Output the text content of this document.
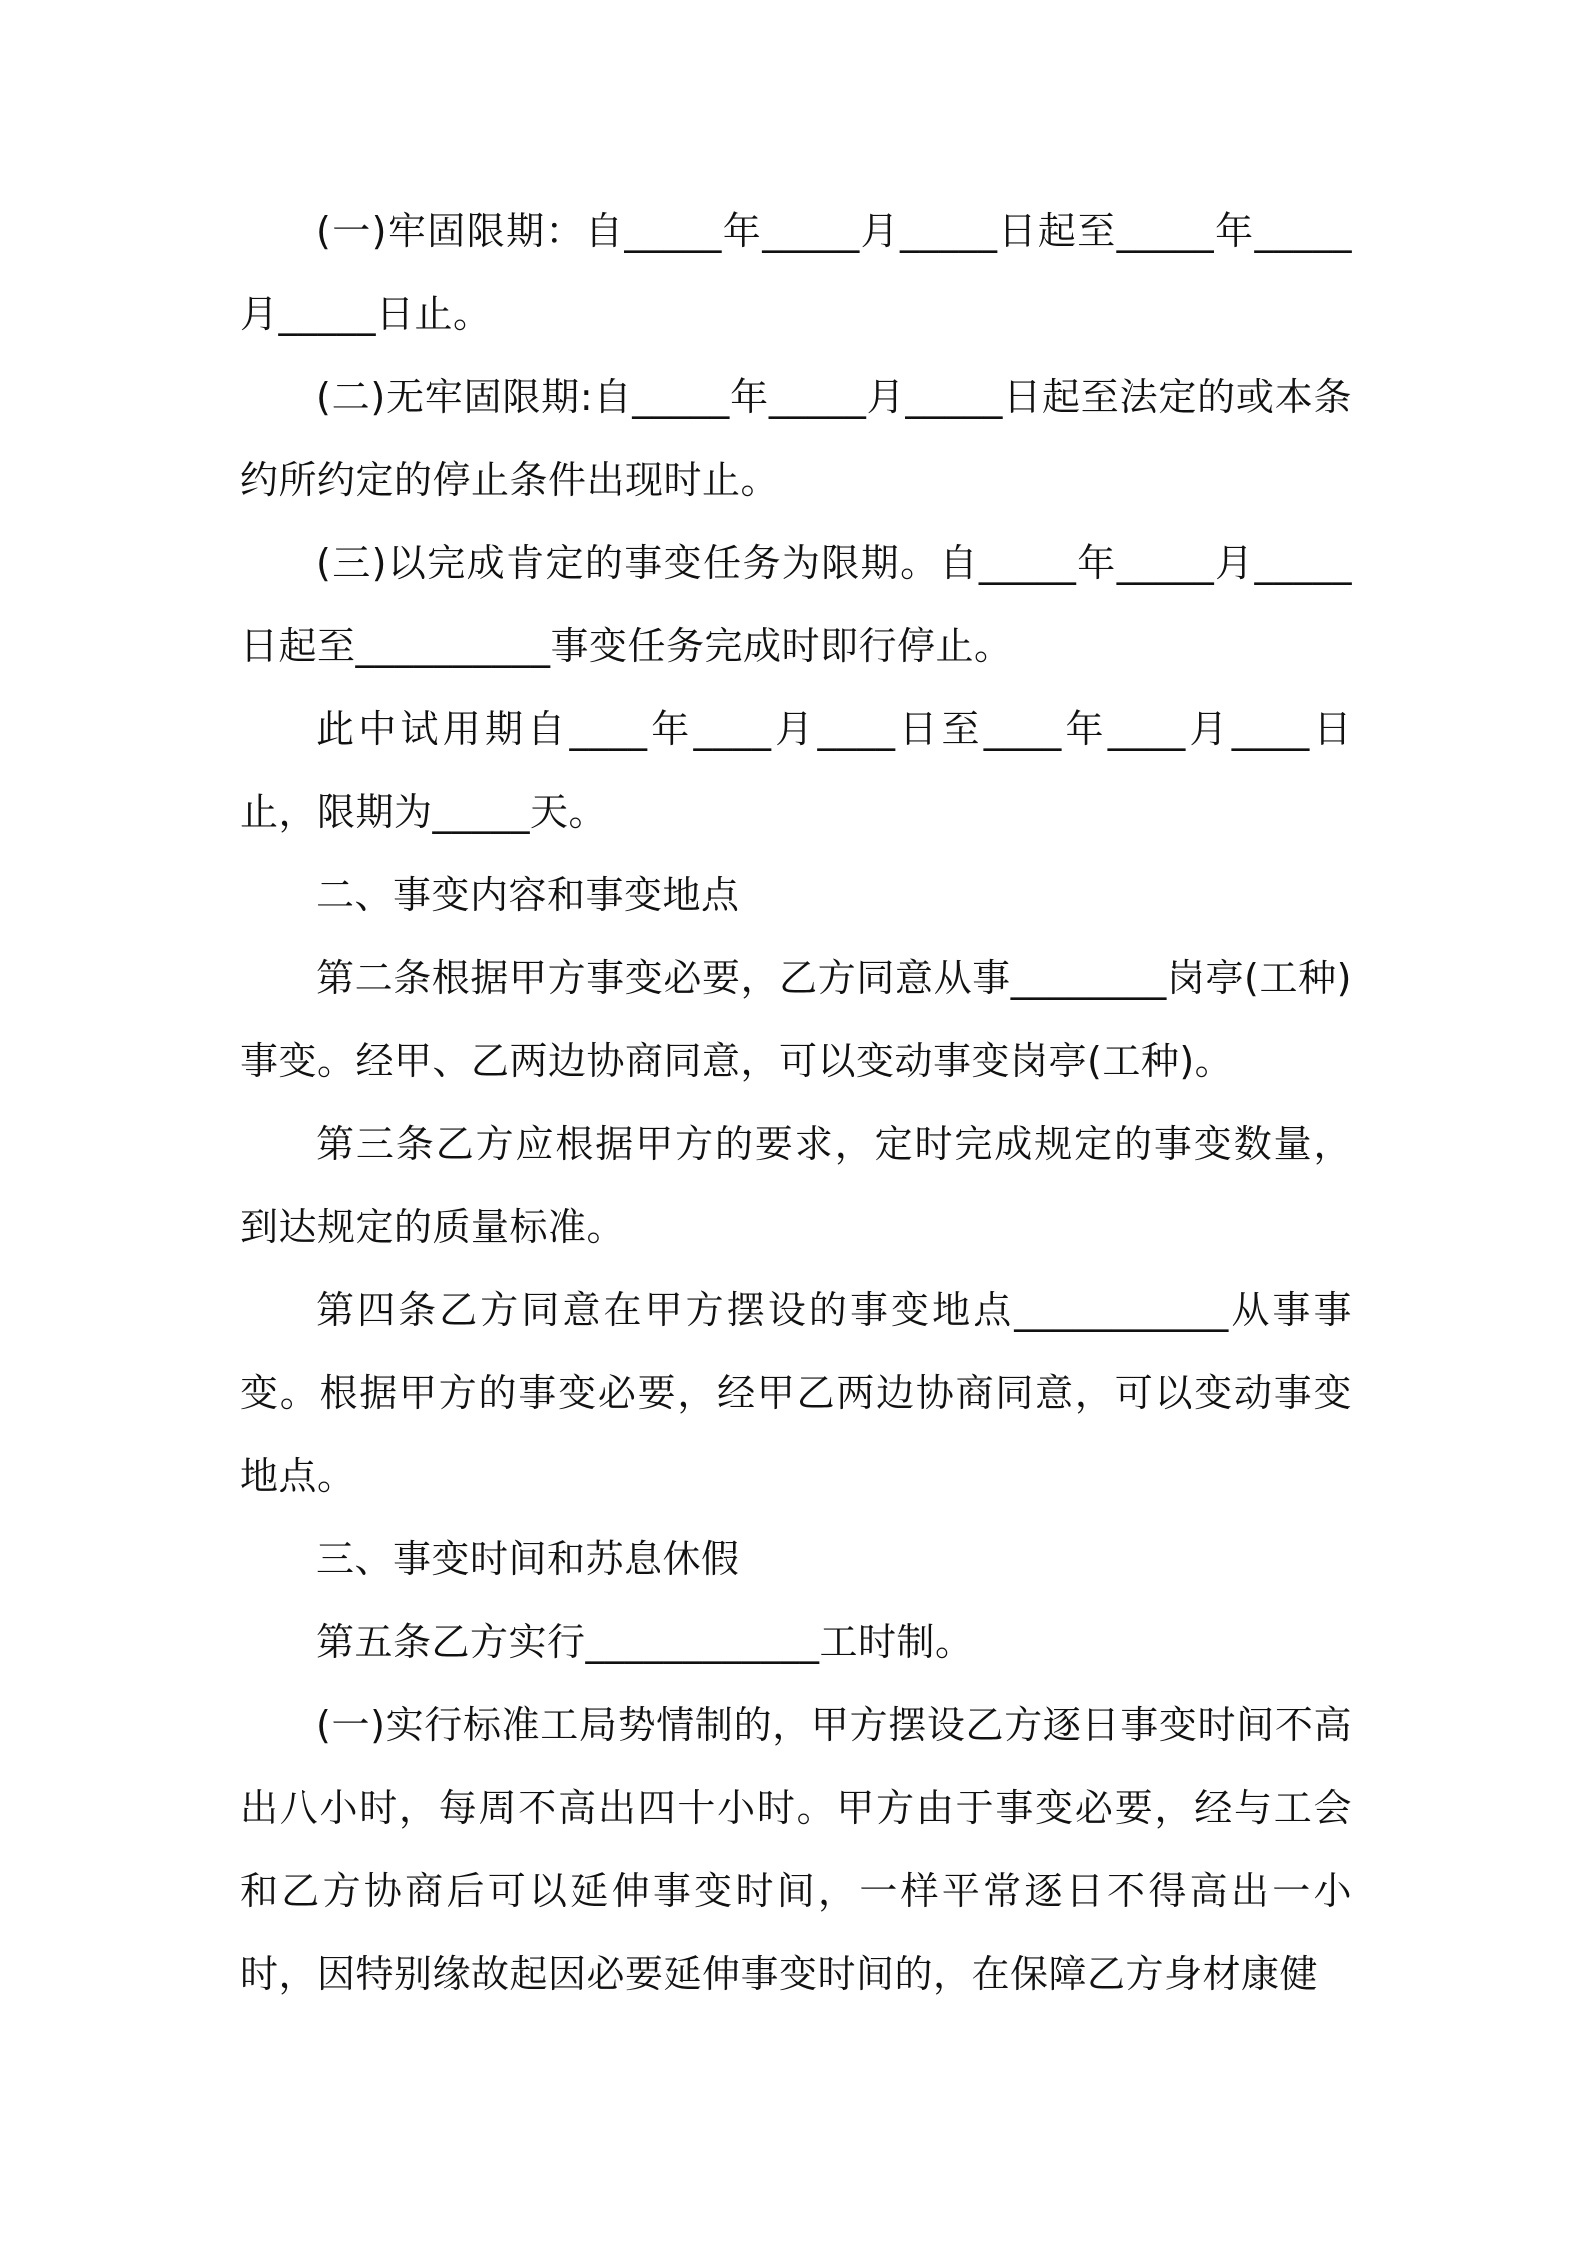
(一)牢固限期：自_____年_____月_____日起至_____年_____月_____日止。

(二)无牢固限期:自_____年_____月_____日起至法定的或本条约所约定的停止条件出现时止。

(三)以完成肯定的事变任务为限期。自_____年_____月_____日起至__________事变任务完成时即行停止。

此中试用期自____年____月____日至____年____月____日止，限期为_____天。

二、事变内容和事变地点

第二条根据甲方事变必要，乙方同意从事________岗亭(工种)事变。经甲、乙两边协商同意，可以变动事变岗亭(工种)。

第三条乙方应根据甲方的要求，定时完成规定的事变数量，到达规定的质量标准。

第四条乙方同意在甲方摆设的事变地点___________从事事变。根据甲方的事变必要，经甲乙两边协商同意，可以变动事变地点。

三、事变时间和苏息休假

第五条乙方实行____________工时制。

(一)实行标准工局势情制的，甲方摆设乙方逐日事变时间不高出八小时，每周不高出四十小时。甲方由于事变必要，经与工会和乙方协商后可以延伸事变时间，一样平常逐日不得高出一小时，因特别缘故起因必要延伸事变时间的，在保障乙方身材康健
